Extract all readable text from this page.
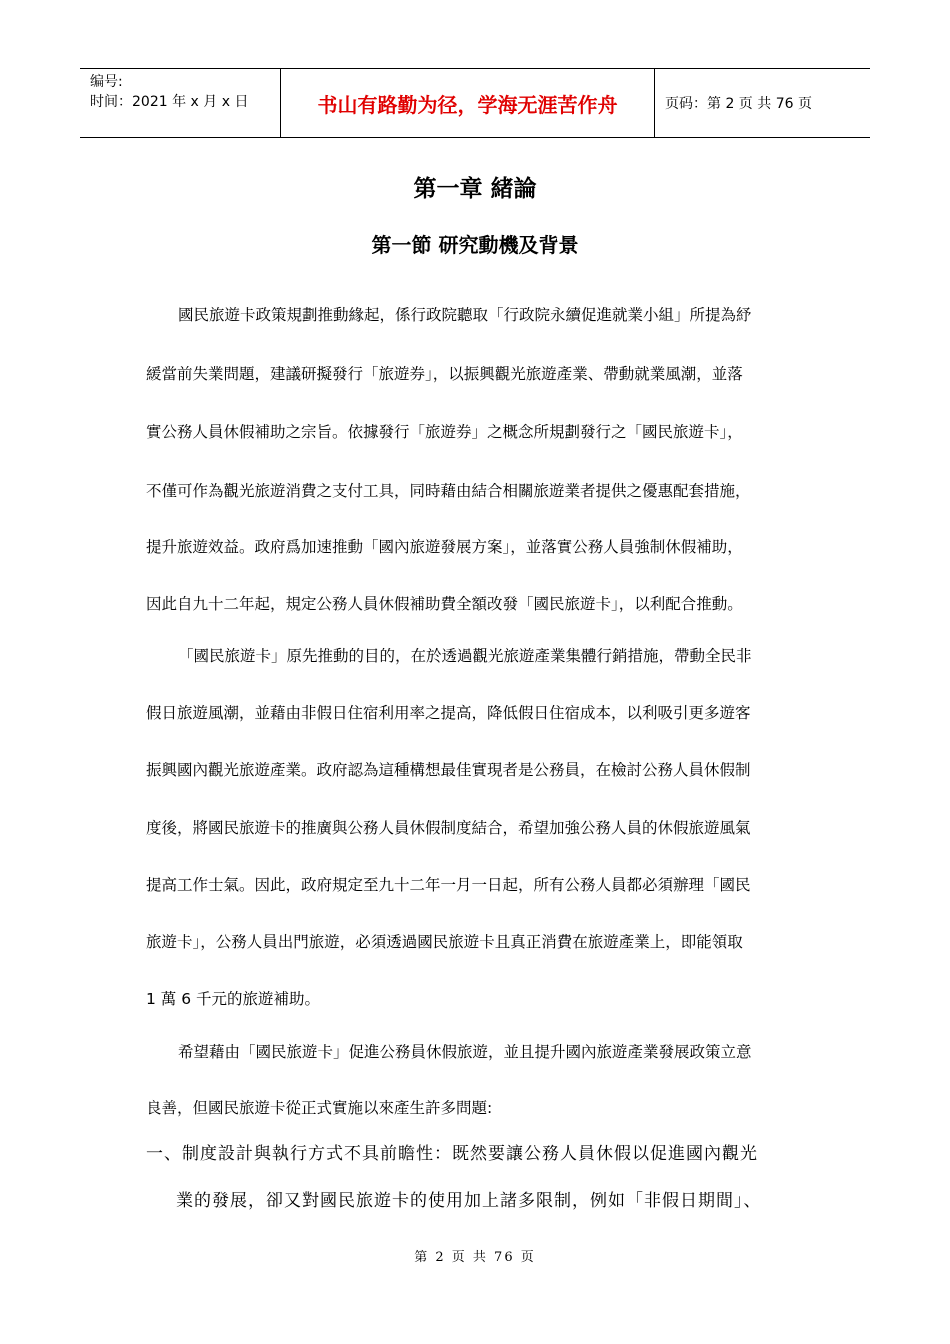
编号:
时间：2021 年 x 月 x 日	书山有路勤为径，学海无涯苦作舟	页码：第 2 页 共 76 页
第一章 緒論
第一節 研究動機及背景
國民旅遊卡政策規劃推動緣起，係行政院聽取「行政院永續促進就業小組」所提為紓
緩當前失業問題，建議研擬發行「旅遊券」，以振興觀光旅遊產業、帶動就業風潮，並落
實公務人員休假補助之宗旨。依據發行「旅遊券」之概念所規劃發行之「國民旅遊卡」，
不僅可作為觀光旅遊消費之支付工具，同時藉由結合相關旅遊業者提供之優惠配套措施，
提升旅遊效益。政府爲加速推動「國內旅遊發展方案」，並落實公務人員強制休假補助，
因此自九十二年起，規定公務人員休假補助費全額改發「國民旅遊卡」，以利配合推動。
「國民旅遊卡」原先推動的目的，在於透過觀光旅遊產業集體行銷措施，帶動全民非
假日旅遊風潮，並藉由非假日住宿利用率之提高，降低假日住宿成本，以利吸引更多遊客
振興國內觀光旅遊產業。政府認為這種構想最佳實現者是公務員，在檢討公務人員休假制
度後，將國民旅遊卡的推廣與公務人員休假制度結合，希望加強公務人員的休假旅遊風氣
提高工作士氣。因此，政府規定至九十二年一月一日起，所有公務人員都必須辦理「國民
旅遊卡」，公務人員出門旅遊，必須透過國民旅遊卡且真正消費在旅遊產業上，即能領取
1 萬 6 千元的旅遊補助。
希望藉由「國民旅遊卡」促進公務員休假旅遊，並且提升國內旅遊產業發展政策立意
良善，但國民旅遊卡從正式實施以來產生許多問題:
一、制度設計與執行方式不具前瞻性：既然要讓公務人員休假以促進國內觀光
業的發展，卻又對國民旅遊卡的使用加上諸多限制，例如「非假日期間」、
第 2 页 共 76 页
